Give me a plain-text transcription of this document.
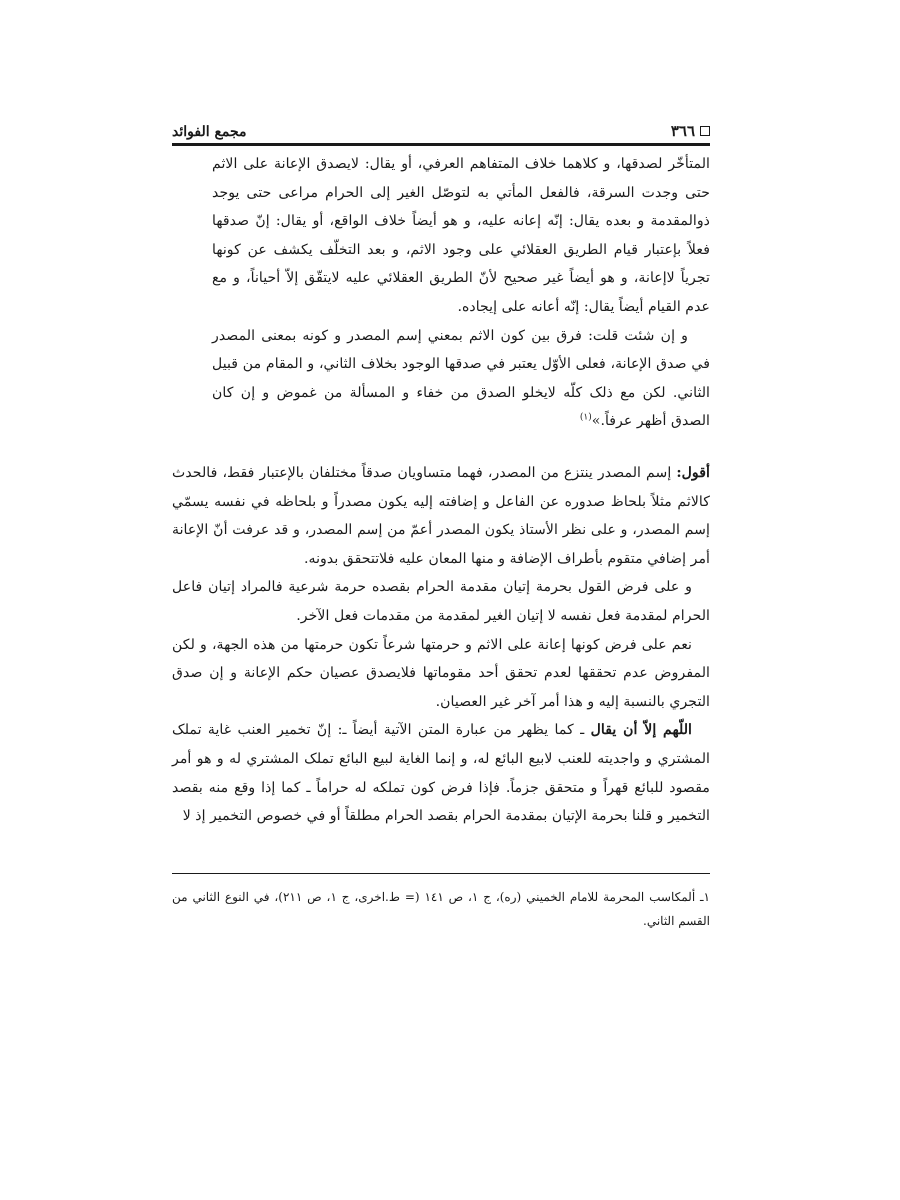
٣٦٦
مجمع الفوائد

المتأخّر لصدقها، و كلاهما خلاف المتفاهم العرفي، أو يقال: لايصدق الإعانة على الاثم حتى وجدت السرقة، فالفعل المأتي به لتوصّل الغير إلى الحرام مراعى حتى يوجد ذوالمقدمة و بعده يقال: إنّه إعانه عليه، و هو أيضاً خلاف الواقع، أو يقال: إنّ صدقها فعلاً بإعتبار قيام الطريق العقلائي على وجود الاثم، و بعد التخلّف يكشف عن كونها تجرياً لاإعانة، و هو أيضاً غير صحيح لأنّ الطريق العقلائي عليه لايتقّق إلاّ أحياناً، و مع عدم القيام أيضاً يقال: إنّه أعانه على إيجاده.

و إن شئت قلت: فرق بين كون الاثم بمعني إسم المصدر و كونه بمعنى المصدر في صدق الإعانة، فعلى الأوّل يعتبر في صدقها الوجود بخلاف الثاني، و المقام من قبيل الثاني. لكن مع ذلک كلّه لايخلو الصدق من خفاء و المسألة من غموض و إن كان الصدق أظهر عرفاً.»$^{(١)}$

أقول: إسم المصدر ينتزع من المصدر، فهما متساويان صدقاً مختلفان بالإعتبار فقط، فالحدث كالاثم مثلاً بلحاظ صدوره عن الفاعل و إضافته إليه يكون مصدراً و بلحاظه في نفسه يسمّي إسم المصدر، و على نظر الأستاذ يكون المصدر أعمّ من إسم المصدر، و قد عرفت أنّ الإعانة أمر إضافي متقوم بأطراف الإضافة و منها المعان عليه فلاتتحقق بدونه.

و على فرض القول بحرمة إتيان مقدمة الحرام بقصده حرمة شرعية فالمراد إتيان فاعل الحرام لمقدمة فعل نفسه لا إتيان الغير لمقدمة من مقدمات فعل الآخر.

نعم على فرض كونها إعانة على الاثم و حرمتها شرعاً تكون حرمتها من هذه الجهة، و لكن المفروض عدم تحققها لعدم تحقق أحد مقوماتها فلايصدق عصيان حكم الإعانة و إن صدق التجري بالنسبة إليه و هذا أمر آخر غير العصيان.

اللّهم إلاّ أن يقال ـ كما يظهر من عبارة المتن الآتية أيضاً ـ: إنّ تخمير العنب غاية تملک المشتري و واجديته للعنب لابيع البائع له، و إنما الغاية لبيع البائع تملک المشتري له و هو أمر مقصود للبائع قهراً و متحقق جزماً. فإذا فرض كون تملکه له حراماً ـ كما إذا وقع منه بقصد التخمير و قلنا بحرمة الإتيان بمقدمة الحرام بقصد الحرام مطلقاً أو في خصوص التخمير إذ لا

١ـ ألمكاسب المحرمة للامام الخميني (ره)، ج ١، ص ١٤١ (= ط.اخرى، ج ١، ص ٢١١)، في النوع الثاني من القسم الثاني.
